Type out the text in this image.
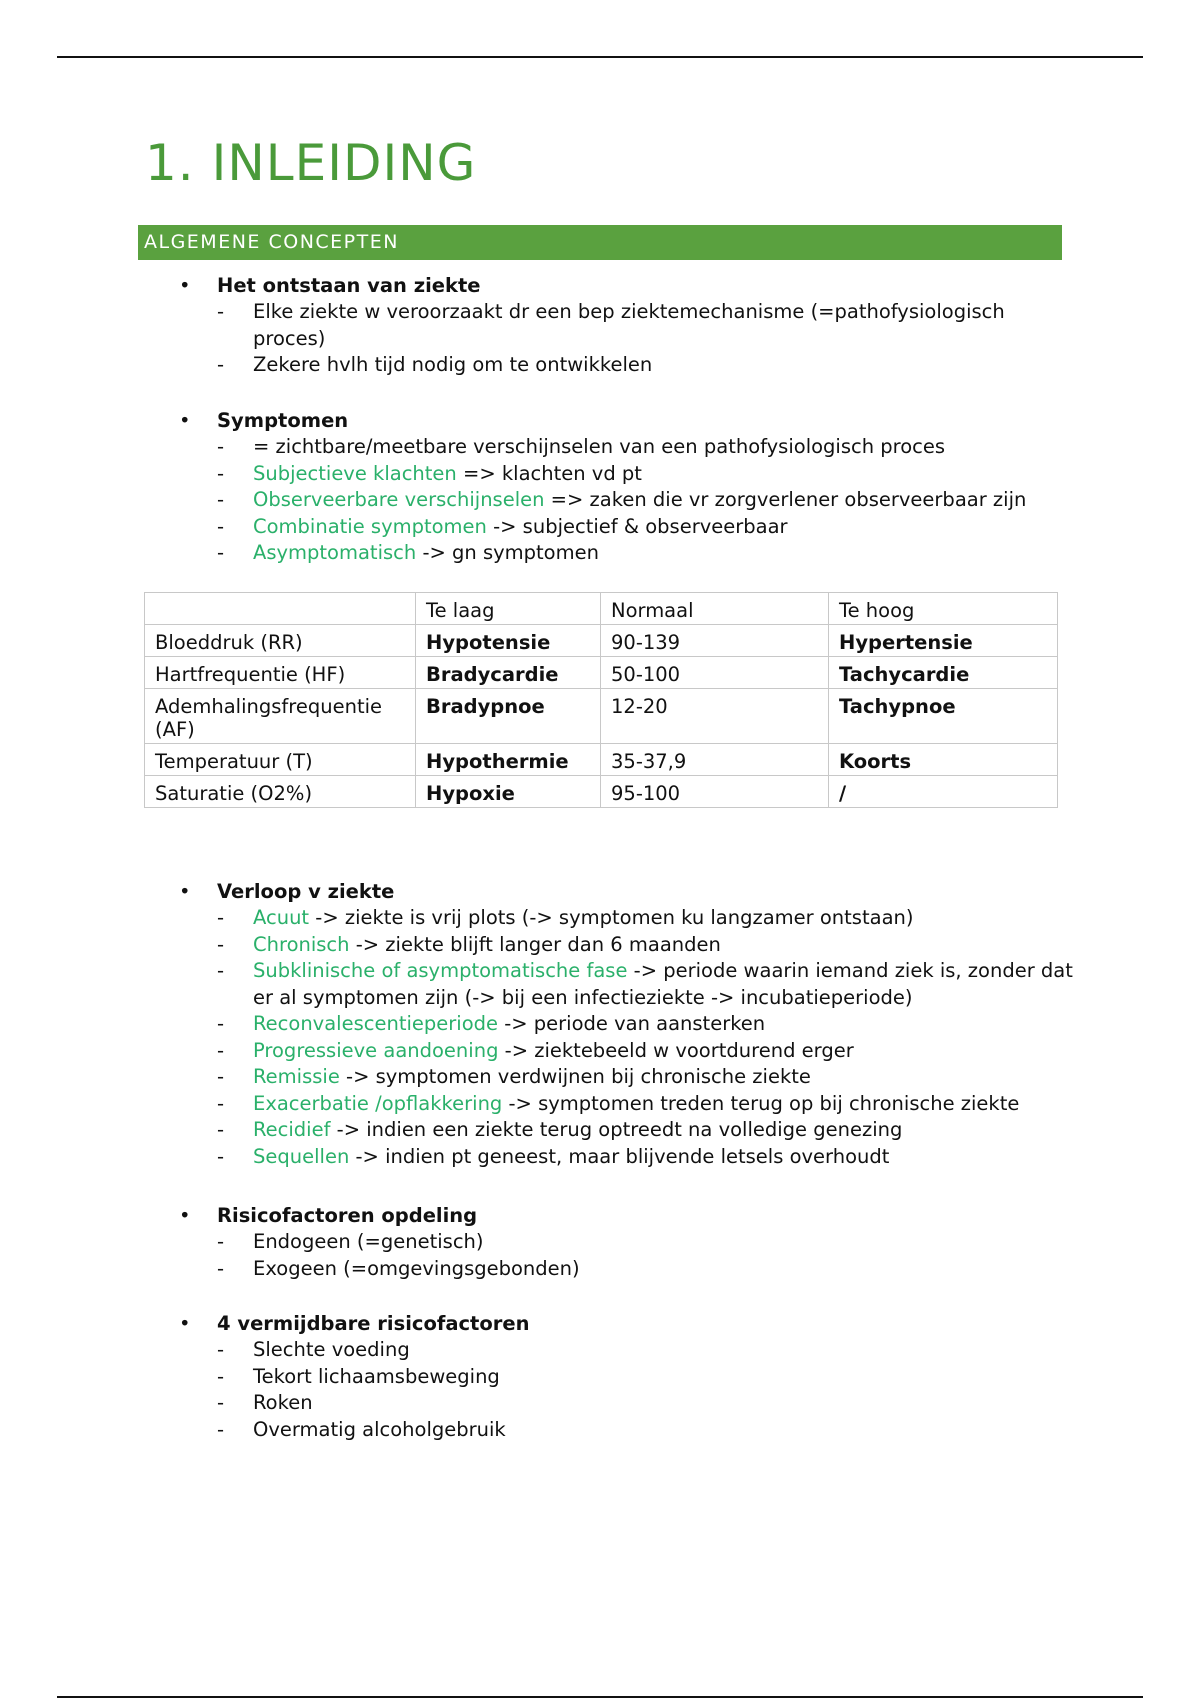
1. INLEIDING
ALGEMENE CONCEPTEN
• Het ontstaan van ziekte
- Elke ziekte w veroorzaakt dr een bep ziektemechanisme (=pathofysiologisch proces)
- Zekere hvlh tijd nodig om te ontwikkelen
• Symptomen
- = zichtbare/meetbare verschijnselen van een pathofysiologisch proces
- Subjectieve klachten => klachten vd pt
- Observeerbare verschijnselen => zaken die vr zorgverlener observeerbaar zijn
- Combinatie symptomen -> subjectief & observeerbaar
- Asymptomatisch -> gn symptomen
	Te laag	Normaal	Te hoog
Bloeddruk (RR)	Hypotensie	90-139	Hypertensie
Hartfrequentie (HF)	Bradycardie	50-100	Tachycardie
Ademhalingsfrequentie (AF)	Bradypnoe	12-20	Tachypnoe
Temperatuur (T)	Hypothermie	35-37,9	Koorts
Saturatie (O2%)	Hypoxie	95-100	/
• Verloop v ziekte
- Acuut -> ziekte is vrij plots (-> symptomen ku langzamer ontstaan)
- Chronisch -> ziekte blijft langer dan 6 maanden
- Subklinische of asymptomatische fase -> periode waarin iemand ziek is, zonder dat er al symptomen zijn (-> bij een infectieziekte -> incubatieperiode)
- Reconvalescentieperiode -> periode van aansterken
- Progressieve aandoening -> ziektebeeld w voortdurend erger
- Remissie -> symptomen verdwijnen bij chronische ziekte
- Exacerbatie /opflakkering -> symptomen treden terug op bij chronische ziekte
- Recidief -> indien een ziekte terug optreedt na volledige genezing
- Sequellen -> indien pt geneest, maar blijvende letsels overhoudt
• Risicofactoren opdeling
- Endogeen (=genetisch)
- Exogeen (=omgevingsgebonden)
• 4 vermijdbare risicofactoren
- Slechte voeding
- Tekort lichaamsbeweging
- Roken
- Overmatig alcoholgebruik
